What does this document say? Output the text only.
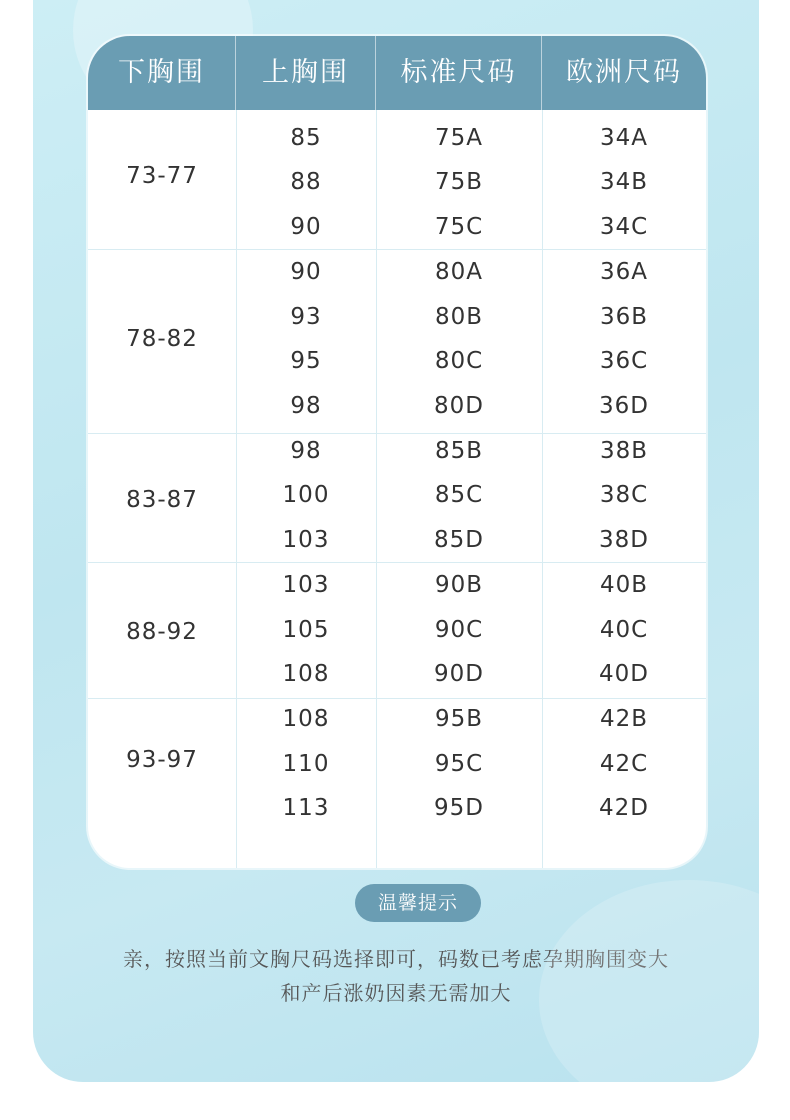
下胸围	上胸围	标准尺码	欧洲尺码
73-77
85	75A	34A
88	75B	34B
90	75C	34C
78-82
90	80A	36A
93	80B	36B
95	80C	36C
98	80D	36D
83-87
98	85B	38B
100	85C	38C
103	85D	38D
88-92
103	90B	40B
105	90C	40C
108	90D	40D
93-97
108	95B	42B
110	95C	42C
113	95D	42D
温馨提示
亲，按照当前文胸尺码选择即可，码数已考虑孕期胸围变大
和产后涨奶因素无需加大
